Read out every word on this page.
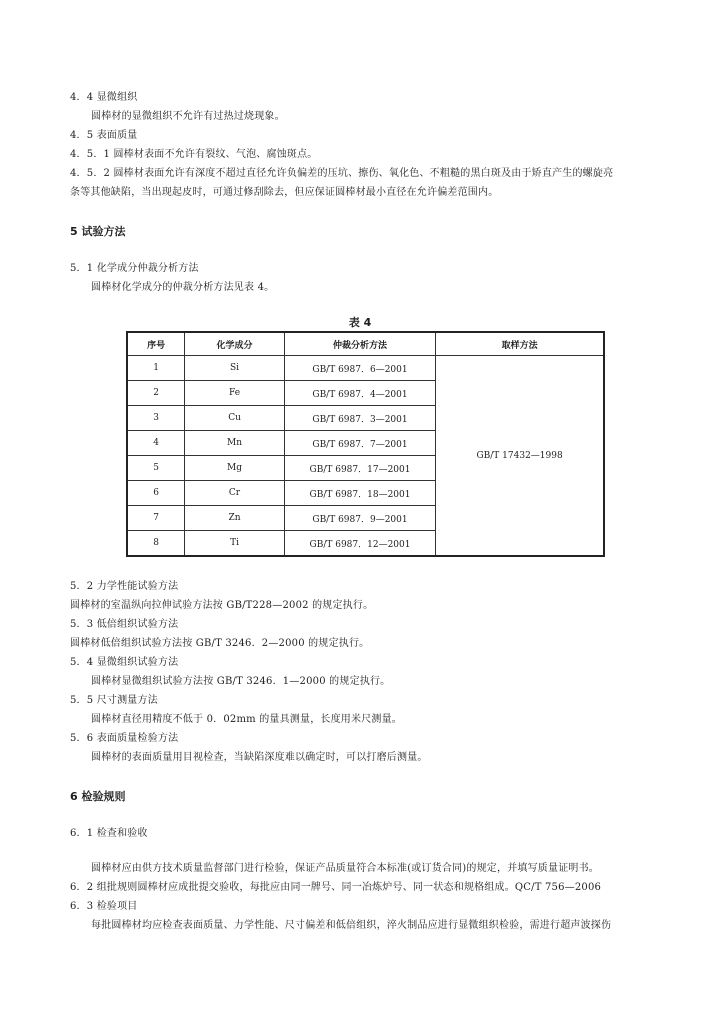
4．4 显微组织
圆棒材的显微组织不允许有过热过烧现象。
4．5 表面质量
4．5．1 圆棒材表面不允许有裂纹、气泡、腐蚀斑点。
4．5．2 圆棒材表面允许有深度不超过直径允许负偏差的压坑、擦伤、氧化色、不粗糙的黑白斑及由于矫直产生的螺旋亮
条等其他缺陷，当出现起皮时，可通过修刮除去，但应保证圆棒材最小直径在允许偏差范围内。
5 试验方法
5．1 化学成分仲裁分析方法
圆棒材化学成分的仲裁分析方法见表 4。
表 4
序号	化学成分	仲裁分析方法	取样方法
1	Si	GB/T 6987．6—2001	GB/T 17432—1998
2	Fe	GB/T 6987．4—2001	
3	Cu	GB/T 6987．3—2001	
4	Mn	GB/T 6987．7—2001	
5	Mg	GB/T 6987．17—2001	
6	Cr	GB/T 6987．18—2001	
7	Zn	GB/T 6987．9—2001	
8	Ti	GB/T 6987．12—2001	
5．2 力学性能试验方法
圆棒材的室温纵向拉伸试验方法按 GB/T228—2002 的规定执行。
5．3 低倍组织试验方法
圆棒材低倍组织试验方法按 GB/T 3246．2—2000 的规定执行。
5．4 显微组织试验方法
圆棒材显微组织试验方法按 GB/T 3246．1—2000 的规定执行。
5．5 尺寸测量方法
圆棒材直径用精度不低于 0．02mm 的量具测量，长度用米尺测量。
5．6 表面质量检验方法
圆棒材的表面质量用目视检查，当缺陷深度难以确定时，可以打磨后测量。
6 检验规则
6．1 检查和验收
圆棒材应由供方技术质量监督部门进行检验，保证产品质量符合本标准(或订货合同)的规定，并填写质量证明书。
6．2 组批规则圆棒材应成批提交验收，每批应由同一牌号、同一冶炼炉号、同一状态和规格组成。QC/T 756—2006
6．3 检验项目
每批圆棒材均应检查表面质量、力学性能、尺寸偏差和低倍组织，淬火制品应进行显微组织检验，需进行超声波探伤
